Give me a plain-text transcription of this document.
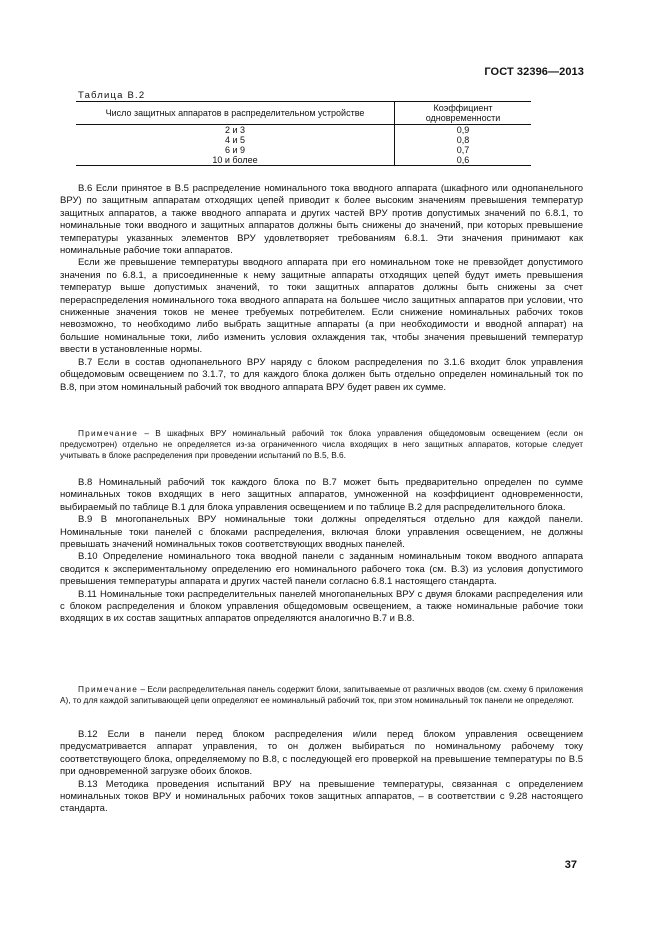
ГОСТ 32396—2013
Таблица В.2
Число защитных аппаратов в распределительном устройстве	Коэффициент одновременности
2 и 3	0,9
4 и 5	0,8
6 и 9	0,7
10 и более	0,6

В.6 Если принятое в В.5 распределение номинального тока вводного аппарата (шкафного или однопанельного ВРУ) по защитным аппаратам отходящих цепей приводит к более высоким значениям превышения температур защитных аппаратов, а также вводного аппарата и других частей ВРУ против допустимых значений по 6.8.1, то номинальные токи вводного и защитных аппаратов должны быть снижены до значений, при которых превышение температуры указанных элементов ВРУ удовлетворяет требованиям 6.8.1. Эти значения принимают как номинальные рабочие токи аппаратов.

Если же превышение температуры вводного аппарата при его номинальном токе не превзойдет допустимого значения по 6.8.1, а присоединенные к нему защитные аппараты отходящих цепей будут иметь превышения температур выше допустимых значений, то токи защитных аппаратов должны быть снижены за счет перераспределения номинального тока вводного аппарата на большее число защитных аппаратов при условии, что сниженные значения токов не менее требуемых потребителем. Если снижение номинальных рабочих токов невозможно, то необходимо либо выбрать защитные аппараты (а при необходимости и вводной аппарат) на большие номинальные токи, либо изменить условия охлаждения так, чтобы значения превышений температур ввести в установленные нормы.

В.7 Если в состав однопанельного ВРУ наряду с блоком распределения по 3.1.6 входит блок управления общедомовым освещением по 3.1.7, то для каждого блока должен быть отдельно определен номинальный ток по В.8, при этом номинальный рабочий ток вводного аппарата ВРУ будет равен их сумме.

Примечание – В шкафных ВРУ номинальный рабочий ток блока управления общедомовым освещением (если он предусмотрен) отдельно не определяется из-за ограниченного числа входящих в него защитных аппаратов, которые следует учитывать в блоке распределения при проведении испытаний по В.5, В.6.

В.8 Номинальный рабочий ток каждого блока по В.7 может быть предварительно определен по сумме номинальных токов входящих в него защитных аппаратов, умноженной на коэффициент одновременности, выбираемый по таблице В.1 для блока управления освещением и по таблице В.2 для распределительного блока.

В.9 В многопанельных ВРУ номинальные токи должны определяться отдельно для каждой панели. Номинальные токи панелей с блоками распределения, включая блоки управления освещением, не должны превышать значений номинальных токов соответствующих вводных панелей.

В.10 Определение номинального тока вводной панели с заданным номинальным током вводного аппарата сводится к экспериментальному определению его номинального рабочего тока (см. В.3) из условия допустимого превышения температуры аппарата и других частей панели согласно 6.8.1 настоящего стандарта.

В.11 Номинальные токи распределительных панелей многопанельных ВРУ с двумя блоками распределения или с блоком распределения и блоком управления общедомовым освещением, а также номинальные рабочие токи входящих в их состав защитных аппаратов определяются аналогично В.7 и В.8.

Примечание – Если распределительная панель содержит блоки, запитываемые от различных вводов (см. схему 6 приложения А), то для каждой запитывающей цепи определяют ее номинальный рабочий ток, при этом номинальный ток панели не определяют.

В.12 Если в панели перед блоком распределения и/или перед блоком управления освещением предусматривается аппарат управления, то он должен выбираться по номинальному рабочему току соответствующего блока, определяемому по В.8, с последующей его проверкой на превышение температуры по В.5 при одновременной загрузке обоих блоков.

В.13 Методика проведения испытаний ВРУ на превышение температуры, связанная с определением номинальных токов ВРУ и номинальных рабочих токов защитных аппаратов, – в соответствии с 9.28 настоящего стандарта.

37
